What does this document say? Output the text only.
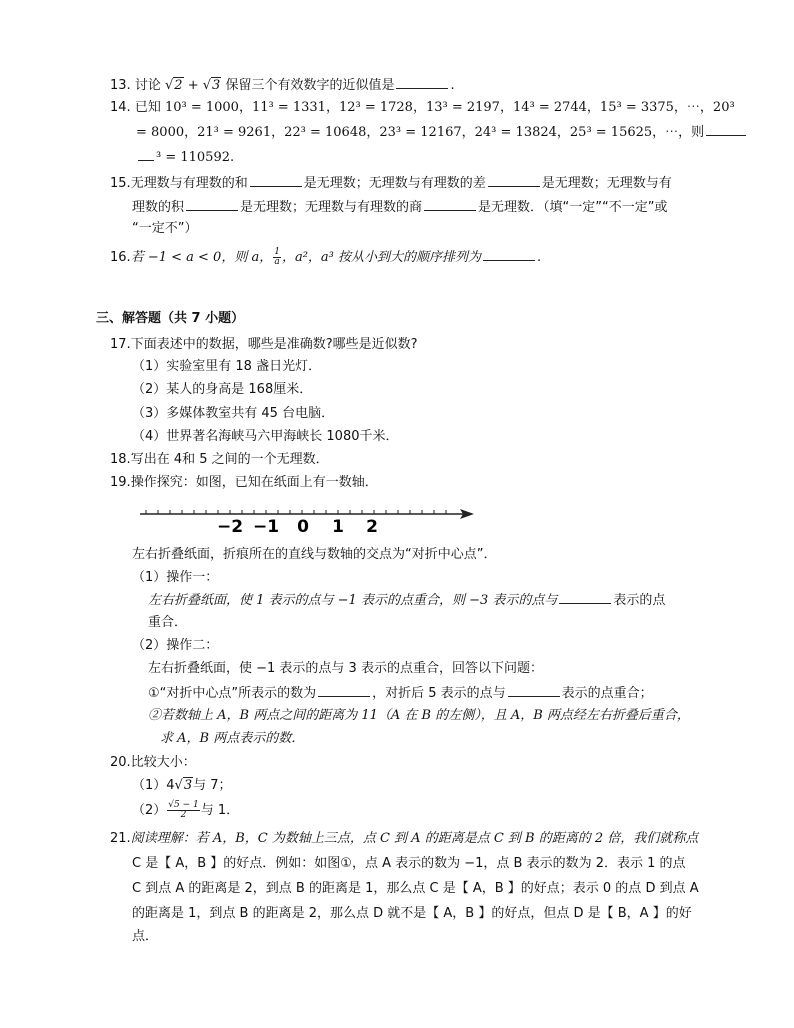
13. 讨论 √2 + √3 保留三个有效数字的近似值是	.
14. 已知 10³ = 1000，11³ = 1331，12³ = 1728，13³ = 2197，14³ = 2744，15³ = 3375，⋯，20³
= 8000，21³ = 9261，22³ = 10648，23³ = 12167，24³ = 13824，25³ = 15625，⋯，则
³ = 110592.
15.无理数与有理数的和	是无理数；无理数与有理数的差	是无理数；无理数与有
理数的积	是无理数；无理数与有理数的商	是无理数．（填“一定”“不一定”或
“一定不”）
16.若 −1 < a < 0，则 a， $\frac{1}{a}$ ，a²，a³ 按从小到大的顺序排列为	.
三、解答题（共 7 小题）
17.下面表述中的数据，哪些是准确数?哪些是近似数?
（1）实验室里有 18 盏日光灯．
（2）某人的身高是 168厘米．
（3）多媒体教室共有 45 台电脑．
（4）世界著名海峡马六甲海峡长 1080千米．
18.写出在 4和 5 之间的一个无理数．
19.操作探究：如图，已知在纸面上有一数轴．
−2 −1 0 1 2
左右折叠纸面，折痕所在的直线与数轴的交点为“对折中心点”．
（1）操作一：
左右折叠纸面，使 1 表示的点与 −1 表示的点重合，则 −3 表示的点与	表示的点
重合．
（2）操作二：
左右折叠纸面，使 −1 表示的点与 3 表示的点重合，回答以下问题：
①“对折中心点”所表示的数为	，对折后 5 表示的点与	表示的点重合；
②若数轴上 A，B 两点之间的距离为 11（A 在 B 的左侧），且 A，B 两点经左右折叠后重合，
求 A，B 两点表示的数．
20.比较大小：
（1）4√3与 7；
$(2) \frac{√5 - 1}{2}$ 与 1．
21.阅读理解：若 A，B，C 为数轴上三点，点 C 到 A 的距离是点 C 到 B 的距离的 2 倍，我们就称点
C 是【 A，B 】的好点．例如：如图①，点 A 表示的数为 −1，点 B 表示的数为 2．表示 1 的点
C 到点 A 的距离是 2，到点 B 的距离是 1，那么点 C 是【 A，B 】的好点；表示 0 的点 D 到点 A
的距离是 1，到点 B 的距离是 2，那么点 D 就不是【 A，B 】的好点，但点 D 是【 B，A 】的好
点．
